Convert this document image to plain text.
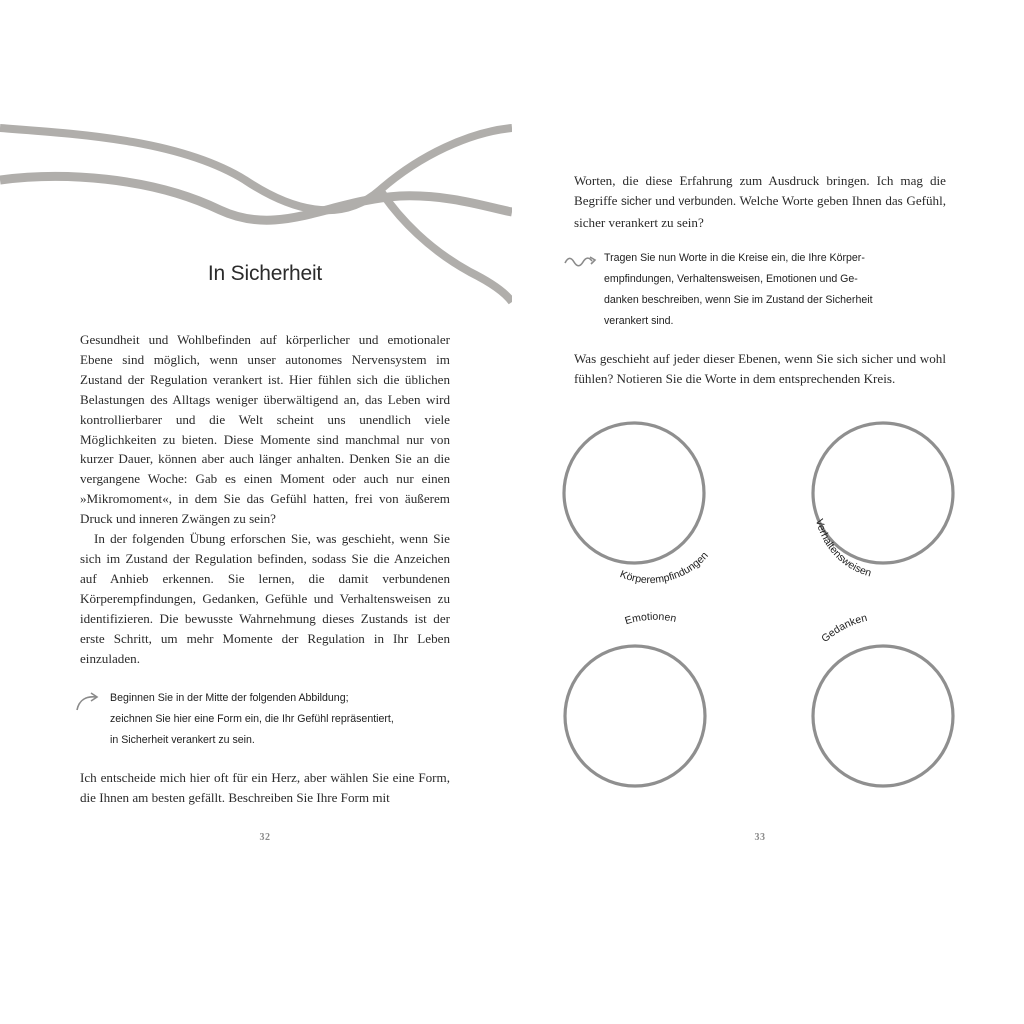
In Sicherheit

Gesundheit und Wohlbefinden auf körperlicher und emotionaler Ebene sind möglich, wenn unser autonomes Nervensystem im Zustand der Regulation verankert ist. Hier fühlen sich die üblichen Belastungen des Alltags weniger überwältigend an, das Leben wird kontrollierbarer und die Welt scheint uns unendlich viele Möglichkeiten zu bieten. Diese Momente sind manchmal nur von kurzer Dauer, können aber auch länger anhalten. Denken Sie an die vergangene Woche: Gab es einen Moment oder auch nur einen »Mikromoment«, in dem Sie das Gefühl hatten, frei von äußerem Druck und inneren Zwängen zu sein?

In der folgenden Übung erforschen Sie, was geschieht, wenn Sie sich im Zustand der Regulation befinden, sodass Sie die Anzeichen auf Anhieb erkennen. Sie lernen, die damit verbundenen Körperempfindungen, Gedanken, Gefühle und Verhaltensweisen zu identifizieren. Die bewusste Wahrnehmung dieses Zustands ist der erste Schritt, um mehr Momente der Regulation in Ihr Leben einzuladen.

Beginnen Sie in der Mitte der folgenden Abbildung;
zeichnen Sie hier eine Form ein, die Ihr Gefühl repräsentiert,
in Sicherheit verankert zu sein.

Ich entscheide mich hier oft für ein Herz, aber wählen Sie eine Form, die Ihnen am besten gefällt. Beschreiben Sie Ihre Form mit

32

Worten, die diese Erfahrung zum Ausdruck bringen. Ich mag die Begriffe sicher und verbunden. Welche Worte geben Ihnen das Gefühl, sicher verankert zu sein?

Tragen Sie nun Worte in die Kreise ein, die Ihre Körper-
empfindungen, Verhaltensweisen, Emotionen und Ge-
danken beschreiben, wenn Sie im Zustand der Sicherheit
verankert sind.

Was geschieht auf jeder dieser Ebenen, wenn Sie sich sicher und wohl fühlen? Notieren Sie die Worte in dem entsprechenden Kreis.

33
Körperempfindungen
Verhaltensweisen
Emotionen
Gedanken
